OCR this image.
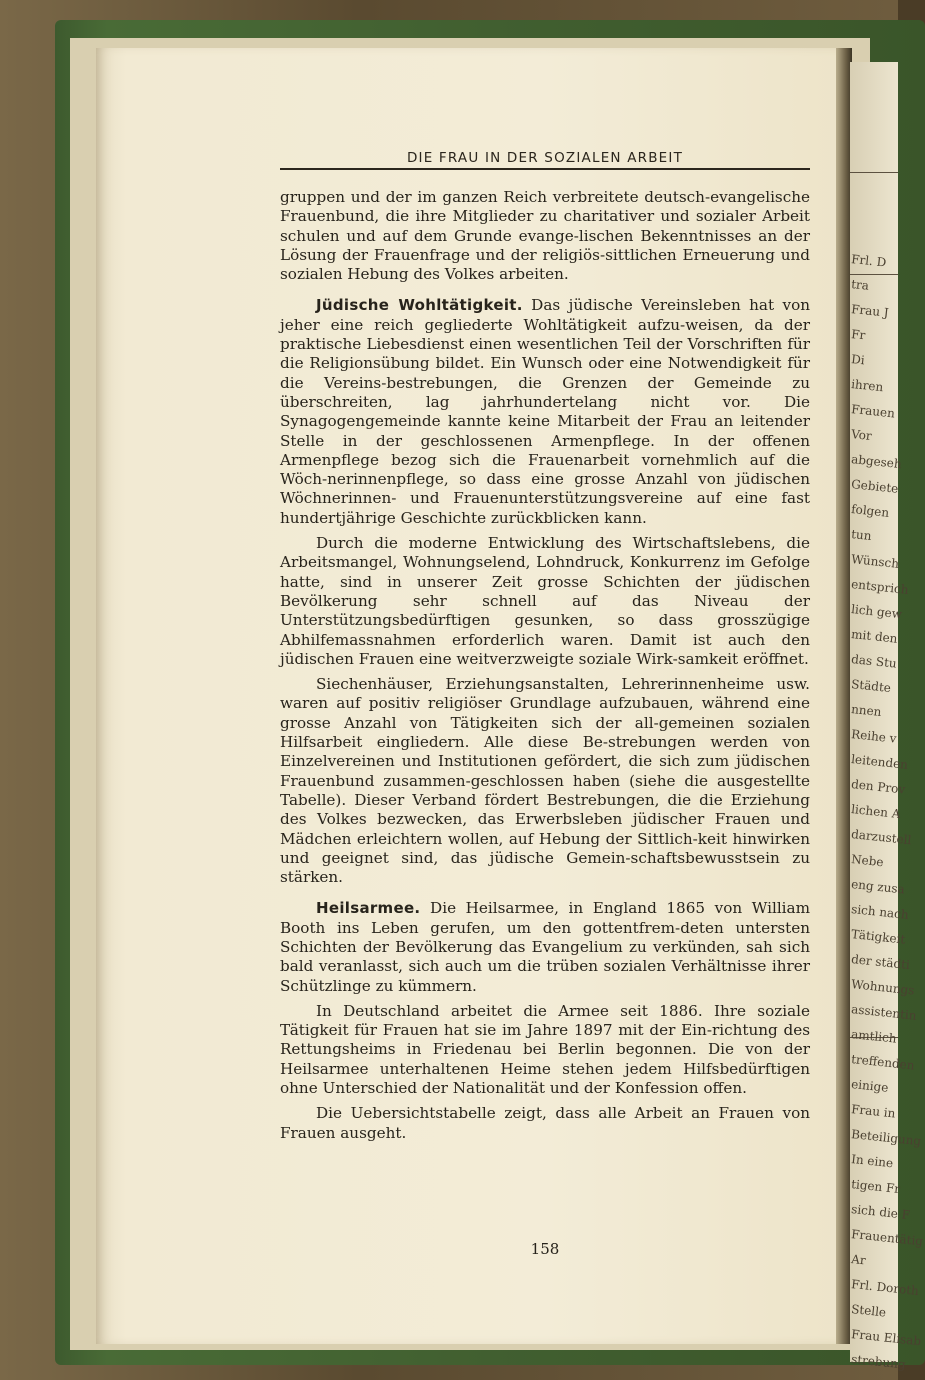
Frl. D
tra
Frau J
Fr
Di
ihren
Frauen
Vor
abgeseh
Gebiete
folgen
tun
Wünsch
entsprich
lich gew
mit den
das Stu
Städte
nnen
Reihe v
leitenden
den Prov
lichen A
darzustell
Nebe
eng zusa
sich nach
Tätigkeit
der städti
Wohnungs
assistentin
amtlich
treffenden
einige
Frau in
Beteiligung
In eine
tigen Fr
sich die F
Frauentätig
Ar
Frl. Doroth
Stelle
Frau Elisab
strebung
DIE FRAU IN DER SOZIALEN ARBEIT

gruppen und der im ganzen Reich verbreitete deutsch-evangelische Frauenbund, die ihre Mitglieder zu charitativer und sozialer Arbeit schulen und auf dem Grunde evange-lischen Bekenntnisses an der Lösung der Frauenfrage und der religiös-sittlichen Erneuerung und sozialen Hebung des Volkes arbeiten.

Jüdische Wohltätigkeit. Das jüdische Vereinsleben hat von jeher eine reich gegliederte Wohltätigkeit aufzu-weisen, da der praktische Liebesdienst einen wesentlichen Teil der Vorschriften für die Religionsübung bildet. Ein Wunsch oder eine Notwendigkeit für die Vereins-bestrebungen, die Grenzen der Gemeinde zu überschreiten, lag jahrhundertelang nicht vor. Die Synagogengemeinde kannte keine Mitarbeit der Frau an leitender Stelle in der geschlossenen Armenpflege. In der offenen Armenpflege bezog sich die Frauenarbeit vornehmlich auf die Wöch-nerinnenpflege, so dass eine grosse Anzahl von jüdischen Wöchnerinnen- und Frauenunterstützungsvereine auf eine fast hundertjährige Geschichte zurückblicken kann.

Durch die moderne Entwicklung des Wirtschaftslebens, die Arbeitsmangel, Wohnungselend, Lohndruck, Konkurrenz im Gefolge hatte, sind in unserer Zeit grosse Schichten der jüdischen Bevölkerung sehr schnell auf das Niveau der Unterstützungsbedürftigen gesunken, so dass grosszügige Abhilfemassnahmen erforderlich waren. Damit ist auch den jüdischen Frauen eine weitverzweigte soziale Wirk-samkeit eröffnet.

Siechenhäuser, Erziehungsanstalten, Lehrerinnenheime usw. waren auf positiv religiöser Grundlage aufzubauen, während eine grosse Anzahl von Tätigkeiten sich der all-gemeinen sozialen Hilfsarbeit eingliedern. Alle diese Be-strebungen werden von Einzelvereinen und Institutionen gefördert, die sich zum jüdischen Frauenbund zusammen-geschlossen haben (siehe die ausgestellte Tabelle). Dieser Verband fördert Bestrebungen, die die Erziehung des Volkes bezwecken, das Erwerbsleben jüdischer Frauen und Mädchen erleichtern wollen, auf Hebung der Sittlich-keit hinwirken und geeignet sind, das jüdische Gemein-schaftsbewusstsein zu stärken.

Heilsarmee. Die Heilsarmee, in England 1865 von William Booth ins Leben gerufen, um den gottentfrem-deten untersten Schichten der Bevölkerung das Evangelium zu verkünden, sah sich bald veranlasst, sich auch um die trüben sozialen Verhältnisse ihrer Schützlinge zu kümmern.

In Deutschland arbeitet die Armee seit 1886. Ihre soziale Tätigkeit für Frauen hat sie im Jahre 1897 mit der Ein-richtung des Rettungsheims in Friedenau bei Berlin begonnen. Die von der Heilsarmee unterhaltenen Heime stehen jedem Hilfsbedürftigen ohne Unterschied der Nationalität und der Konfession offen.

Die Uebersichtstabelle zeigt, dass alle Arbeit an Frauen von Frauen ausgeht.

158
